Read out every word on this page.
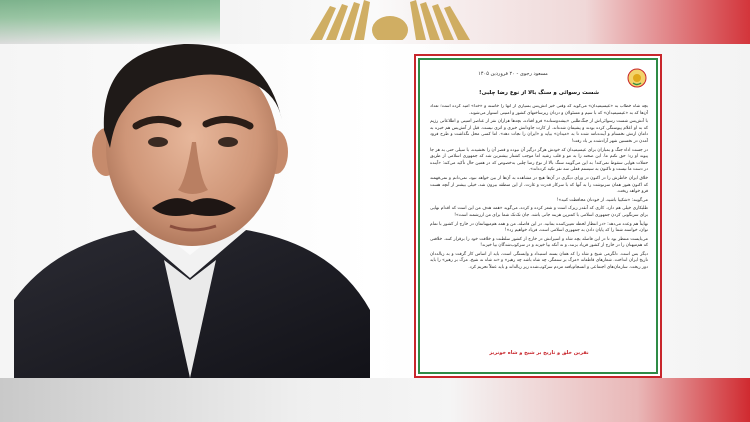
مسعود رجوی - ۲۰ فروردین ۱۴۰۵
شست رسوائی و سنگ بالا از نوع رضا چلبی!

بچه شاه خطاب به «عیسیمیدان» می‌گوید که وقتی خبر آتش‌بس بسیاری از آنها را خاسته و «خدا» امید کرده است؛ تعداد آن‌ها که به «عیسیمیدان» که با سیم و مسئولان و دزدان زیرساختهای کشور و امنیتی استوار می‌شوند.

با آتش‌بس شست رسوائی‌اش از جنگ‌طلبی «بیشدوستانه» فرو افتاده، بچه‌ها هزاران نفر از عناصر امنیتی و اطلاعاتی رژیم که به او اعلام پیوستگی کرده بودند و پشیمان شده‌اند. از کارت جاودانش خبری و اثری نیست. قبل از آتش‌بس هم خبره به دامان ارتش نخستام و آینده‌نامه شده تا به «میدان» بیاید و «ایران را نجات دهد». اما کسی محل نگذاشت و طرح فرود آمدن در نخستین شهر آزادشده بر باد رفت!

در جست اداء جنگ و بمباران برای عیسیمیدان که خودش هرگز درگیر آن نبوده و قصر آن را نخشیده، با سیلی حتی به هر جا پیوند او زد؛ حق نکنم ما. این صحنه را به مو و قلب رشید اما موجب کشتار بیشترین شد که جمهوری اسلامی از طریق حملات هوایی سقوط نمی‌کند! به این می‌گویند سنگ بالا از نوع رضا چلبی به‌خصوص که در همین حال تأکید می‌کند: «آینده در دست ما نیست و تاکنون به سیستم فعلی سه نفر تکیه کرده‌اند».

خلاق ایران خاطرش را در اکنون در ورای دیگری در آن‌ها هیچ در مشاهده به آن‌ها از بین خواهد نبود، نمی‌دانم و نمی‌فهمند که اکنون هنوز همان سرنوشت را به آنها که با سرکار قدرت و غارت، از این منطقه بیرون شد، خیلی بیشتر از آنچه هست فرو خواهد ریخت.

می‌گویند: «شکیبا باشید، از خودتان محافظت کنید»!

طلبکاری خیلی هم دارد. کاری که آنقدر زیرک است و شعر کرده و کرده، می‌گوید «همه هدف من این است که اقدام نهایی برای سرنگونی کردن جمهوری اسلامی با کمترین هزینه جانی باشد. جان تک‌تک شما برای من ارزشمند است»!

نهایتاً هم وعده می‌دهد: «در انتظار لحظه تعیین‌کننده بمانید. در این فاصله، من و همه هم‌میهنانمان در خارج از کشور با تمام توان، خواسته شما را که پایان دادن به جمهوری اسلامی است، فریاد خواهیم زد»!

می‌بایست منتظر بود تا در این فاصله بچه شاه و اسیرانش در خارج از کشور سلطنت و خلافت خود را برقرار کنند. خلافتی که هم‌میهنان را در خارج از کشور فریاد بزنند، و نه آنکه بپا خیزند و در سرکوب‌شدگان بپا خیزند!

دیگر بس است. دلگرمی شیخ و شاه را که همان بسته استبداد و وابستگی است، باید از اساس کار گرفت و به زباله‌دان تاریخ ایران انداخت. شعارهای قاطعانه «مرگ بر ستمگر، چه شاه باشد چه رهبر» و «نه شاه نه شیخ، مرگ بر رهبر» را باید دور ریخت. سازمان‌های اجتماعی و انسجام‌یافته مردم سرکوب‌شده زیر زباله‌اند و باید عملاً تحریم کرد.

نفرین خلق و تاریخ بر شیخ و شاه خونریز
